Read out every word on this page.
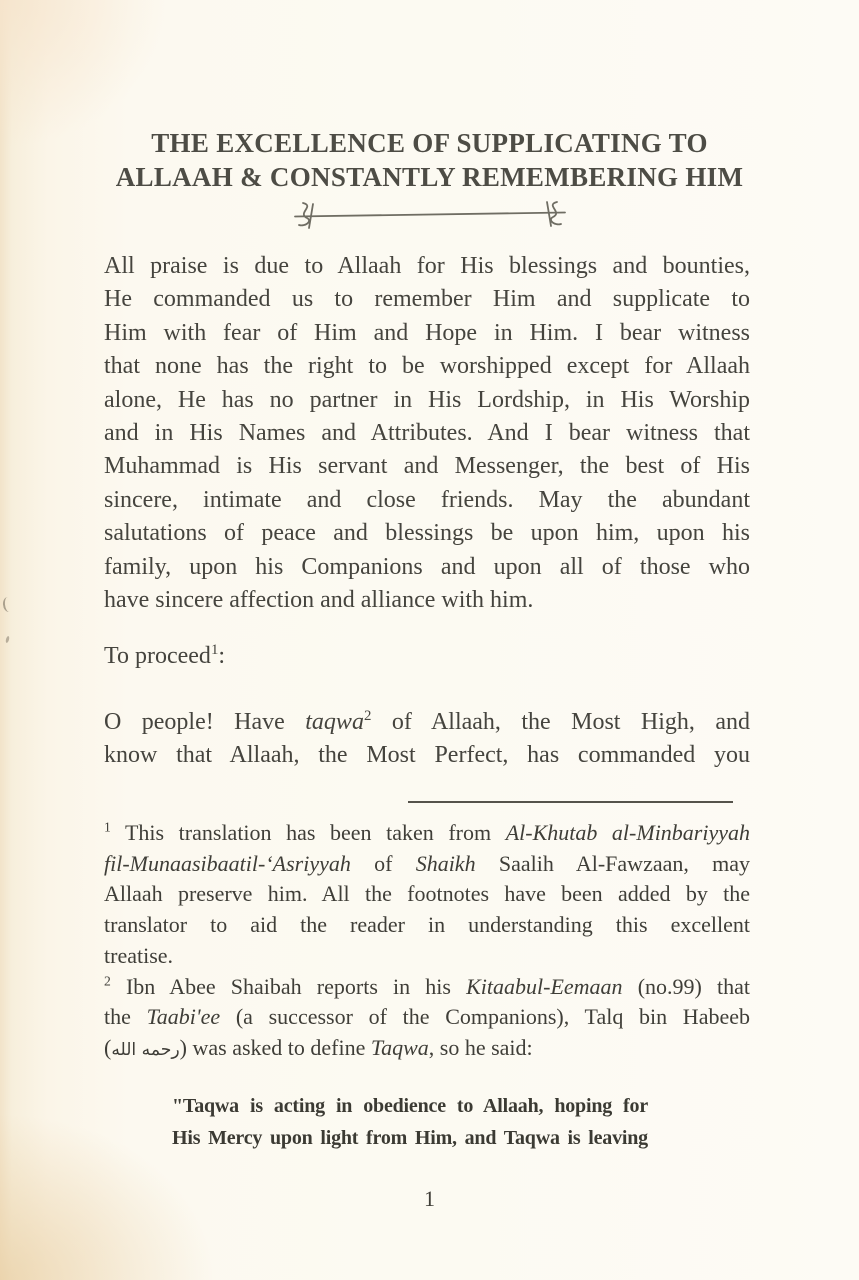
THE EXCELLENCE OF SUPPLICATING TO
ALLAAH & CONSTANTLY REMEMBERING HIM
All praise is due to Allaah for His blessings and bounties,
He commanded us to remember Him and supplicate to
Him with fear of Him and Hope in Him. I bear witness
that none has the right to be worshipped except for Allaah
alone, He has no partner in His Lordship, in His Worship
and in His Names and Attributes. And I bear witness that
Muhammad is His servant and Messenger, the best of His
sincere, intimate and close friends. May the abundant
salutations of peace and blessings be upon him, upon his
family, upon his Companions and upon all of those who
have sincere affection and alliance with him.
To proceed$^1$:
O people! Have taqwa$^2$ of Allaah, the Most High, and
know that Allaah, the Most Perfect, has commanded you
$^1$ This translation has been taken from Al-Khutab al-Minbariyyah
fil-Munaasibaatil-‘Asriyyah of Shaikh Saalih Al-Fawzaan, may
Allaah preserve him. All the footnotes have been added by the
translator to aid the reader in understanding this excellent
treatise.
$^2$ Ibn Abee Shaibah reports in his Kitaabul-Eemaan (no.99) that
the Taabi'ee (a successor of the Companions), Talq bin Habeeb
(رحمه الله) was asked to define Taqwa, so he said:
"Taqwa is acting in obedience to Allaah, hoping for
His Mercy upon light from Him, and Taqwa is leaving
1
